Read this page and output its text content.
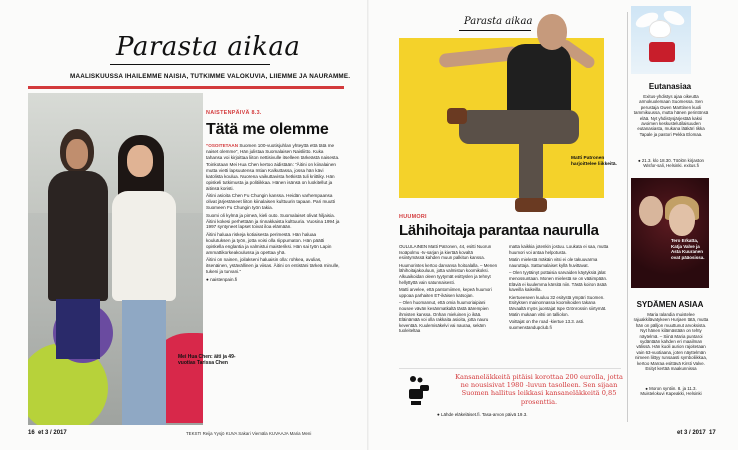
Parasta aikaa
MAALISKUUSSA IHAILEMME NAISIA, TUTKIMME VALOKUVIA, LIIEMME JA NAURAMME.
Mei Hua Chen: äiti ja 49-vuotias Tarissa Chen
NAISTENPÄIVÄ 8.3.
Tätä me olemme

”OSOITETAAN Suomen 100-vuotisjuhlan yhteyttä että tätä me naiset olemme”, Hän julistaa Suomalaisen Naisliitto. Kuka tahansa voi kirjoittaa liiton nettisivulle itselleen tärkeästä naisesta.

Toinkotaan Mei Hua Chen kertoo äidistään: ”Äitini on kiinalainen mutta vietti lapsuutensa Intian Kalkuttassa, jossa hän kävi katolista koulua. Nuorena vaikuttavista hetkistä tuli kriittiky. Hän opiskeli tutkimusta ja politiikkaa. Hänen isänsä on luokitellut ja äitinsä koristi.

Äitini asioita Chen Fu Chungin kanssa. Heidän varhempaansa olivat järjestäneet liiton kiinalaisen kulttuurin tapaan. Pari muutti Suomeen Fu Chungin työn takia.

Suomi oli kylmä ja pimeä, kieli outo. Suomalaiset olivat hiljaisia. Äitini kokesi perhettään ja rinnakkaista kulttuuria. Vuosina 1994 ja 1997 syntyneet lapset toivat iloa elämään.

Äitini haluaa riskeja kotiaisesta perimestä. Hän haluaa koulutuksen ja työn, jotta voisi olla riippumaton. Hän päätti opiskella englantia ja valmistui maisteriksi. Hän sai työn Lapin ammattikorkeakoulussa ja opettaa yhä.

Äitini on nainen, joilakseni haluaisin olla: rohkea, avulias, itsenäinen, ystävällinen ja viisas. Äitini on entistäni tärkeä minulle, tukeni ja turvani.”

● naistenpain.fi
16 et 3 / 2017	TEKSTI Reija Yysjö KUVA Sakari Viemäla KUVAAJA Maria Meni
Parasta aikaa
Matti Patronen harjoittelee liikkeitä.
HUUMORI
Lähihoitaja parantaa naurulla

OULULAINEN Matti Patronen, 44, esitti Nuorun Isoäpolmu -tv-sarjan ja kiertää kovaltä esiintymässä kahden muun palkitun kanssa.

Huumorintes kertoo darvansa hoitoalalla. – Menen lähihoitajakouluun, jotta valmistun koomikoksi. Alkuaikoidan oleen tyytymät esittyslen ja tehnyt hellyttyttä vain satunnaisesti.

Matti arvelee, että pantomiimen, kepeä huumori uppoaa parhaiten ET-ikäisen katsojan.

– Olen huomannut, että omia huumoriaipiani nousee vävän kesänmatkaltä tästä äärempien ihmisten kanssa. Onhan mieluinen jo ikää. Eläinämää voi olla rakkaita asioita, jotta nauru keventää. Kuulemisäkelvi vai nauraa, sekäm tuoleiteltaa

matta kaikkia jotenkin jostuu. Loukata ei saa, mutta huumori voi antaa helpotusta.

Matin mielestä mäkäin vitsi ei ole takuuvarma nauruttaja. Sattumalaiset kyllä huvittavat.

– Olen tyytäinyt pottaisia sarvaiden käytyksiä jälat menossuntaan. Monen mielestä se on vääimpään. Eläviä ei kuulemma kärsitä niin. Tästä koiron äsää kaveilla kaikeilla.

Kiertueeseen kuuluu 32 esitystä ympäri Suomen. Esityksen mainonnassa koomikoiden takana tärvaaltä myös juontajat Ispe Grönrossin siirtymät. Matin mukaan vitsi on talliolon.

Voittajat on the road -kiertue 13.3. asti. suomenstandupclub.fi

Kansaneläkkeitä pitäisi korottaa 200 eurolla, jotta ne nousisivat 1980 -luvun tasolleen. Sen sijaan Suomen hallitus leikkasi kansaneläkkeitä 0,85 prosenttia.
● Lähde eläkeläiset.fi. Tasa-arvon päivä 19.3.
Eutanasiaa
Exitus-yhdistys ajaa oikeutta armokuolemaan Suomessa. Sen perustaja Gwen Marttinen kuoli tammikuussa, mutta hänen perintönsä elää. Nyt yhdistysjärjestää kaksi avoimen keskustelutilaisuuden eutanasiasta, mukana lääkäri Iikka Tapale ja pastori Pekka Elomaa.
● 21.3. klo 18.30. Töölön kirjaston Wisfor-sali, Helsinki. exitus.fi
Tero Erkatta, Katja Valve ja Asta Kuuranen ovat pääosissa.
SYDÄMEN ASIAA
Maria Ialandia muistelee rajuakkilävatykeen Hurjaen tätä, mutta hän on pälljon muuttunut arvoksista. Nyt hänen kilämästään on tehty näytelmä. – Siinä Maria puntaroi sydäntään kahden eri maailman välissä. Hän kuoli aurion rajoitetaan vain 63-vuotiaana, joten näyttelmän nimeen liittyy runsaasti symboliikkaa, kertoo Marraa esittävä Kirsti Valve. Esityt kertää maakunnissa
● Moron syntiin. 8. ja 11.3. Muistelokuvi Kapeakki, Helsinki
et 3 / 2017 17
